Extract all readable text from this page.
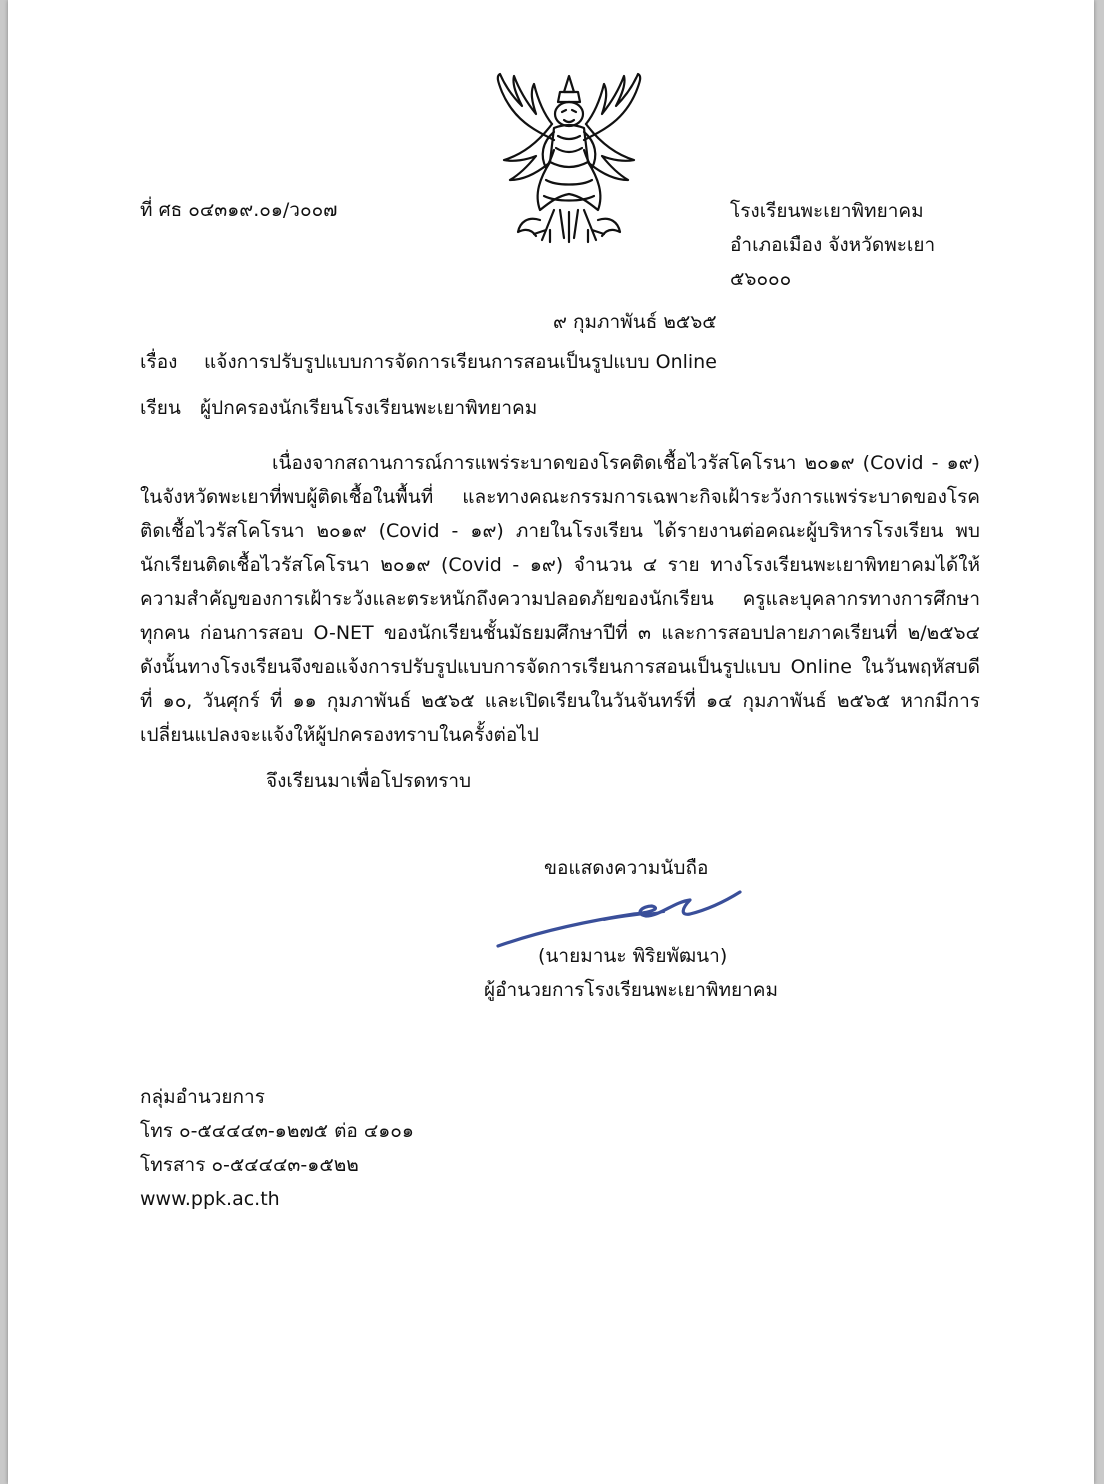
ที่ ศธ ๐๔๓๑๙.๐๑/ว๐๐๗	โรงเรียนพะเยาพิทยาคม
อำเภอเมือง จังหวัดพะเยา
๕๖๐๐๐
๙ กุมภาพันธ์ ๒๕๖๕
เรื่อง แจ้งการปรับรูปแบบการจัดการเรียนการสอนเป็นรูปแบบ Online
เรียน ผู้ปกครองนักเรียนโรงเรียนพะเยาพิทยาคม
เนื่องจากสถานการณ์การแพร่ระบาดของโรคติดเชื้อไวรัสโคโรนา ๒๐๑๙ (Covid - ๑๙) ในจังหวัดพะเยาที่พบผู้ติดเชื้อในพื้นที่ และทางคณะกรรมการเฉพาะกิจเฝ้าระวังการแพร่ระบาดของโรคติดเชื้อไวรัสโคโรนา ๒๐๑๙ (Covid - ๑๙) ภายในโรงเรียน ได้รายงานต่อคณะผู้บริหารโรงเรียน พบนักเรียนติดเชื้อไวรัสโคโรนา ๒๐๑๙ (Covid - ๑๙) จำนวน ๔ ราย ทางโรงเรียนพะเยาพิทยาคมได้ให้ความสำคัญของการเฝ้าระวังและตระหนักถึงความปลอดภัยของนักเรียน ครูและบุคลากรทางการศึกษาทุกคน ก่อนการสอบ O-NET ของนักเรียนชั้นมัธยมศึกษาปีที่ ๓ และการสอบปลายภาคเรียนที่ ๒/๒๕๖๔ ดังนั้นทางโรงเรียนจึงขอแจ้งการปรับรูปแบบการจัดการเรียนการสอนเป็นรูปแบบ Online ในวันพฤหัสบดี ที่ ๑๐, วันศุกร์ ที่ ๑๑ กุมภาพันธ์ ๒๕๖๕ และเปิดเรียนในวันจันทร์ที่ ๑๔ กุมภาพันธ์ ๒๕๖๕ หากมีการเปลี่ยนแปลงจะแจ้งให้ผู้ปกครองทราบในครั้งต่อไป
จึงเรียนมาเพื่อโปรดทราบ
ขอแสดงความนับถือ
(นายมานะ พิริยพัฒนา)
ผู้อำนวยการโรงเรียนพะเยาพิทยาคม
กลุ่มอำนวยการ
โทร ๐-๕๔๔๔๓-๑๒๗๕ ต่อ ๔๑๐๑
โทรสาร ๐-๕๔๔๔๓-๑๕๒๒
www.ppk.ac.th
